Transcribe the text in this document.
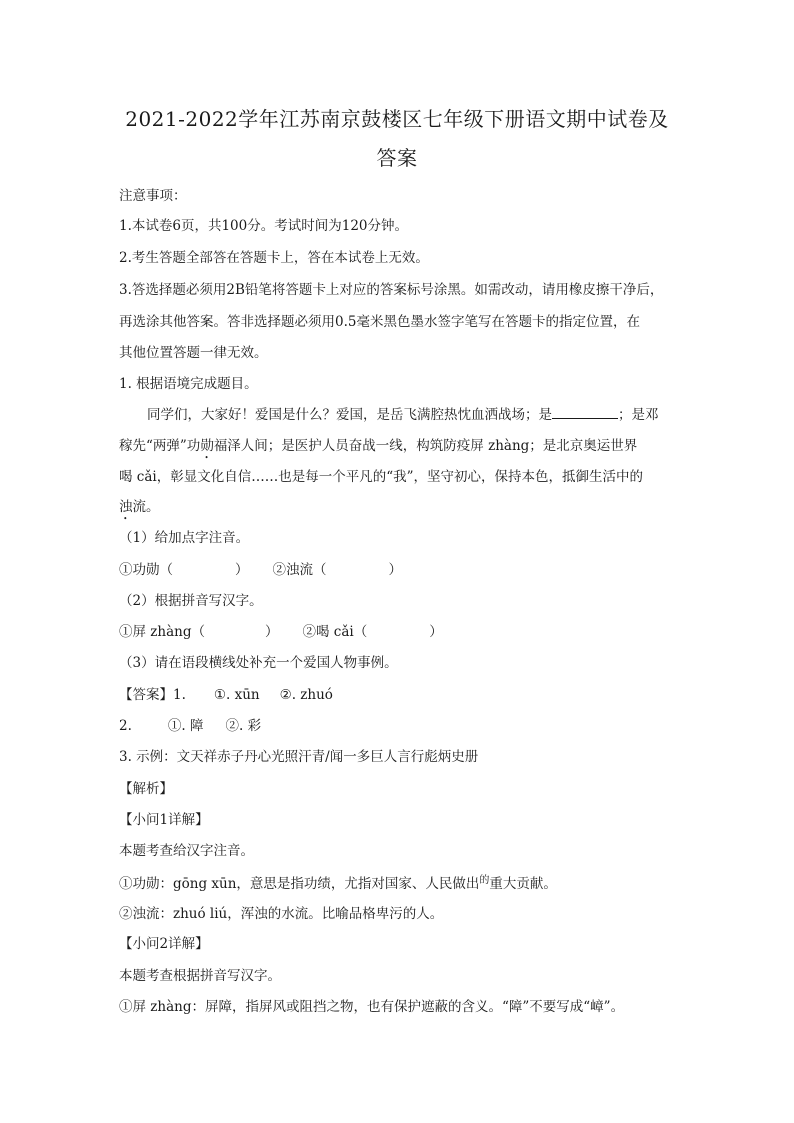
2021-2022学年江苏南京鼓楼区七年级下册语文期中试卷及
答案
注意事项：
1.本试卷6页，共100分。考试时间为120分钟。
2.考生答题全部答在答题卡上，答在本试卷上无效。
3.答选择题必须用2B铅笔将答题卡上对应的答案标号涂黑。如需改动，请用橡皮擦干净后，
再选涂其他答案。答非选择题必须用0.5毫米黑色墨水签字笔写在答题卡的指定位置，在
其他位置答题一律无效。
1. 根据语境完成题目。
同学们，大家好！爱国是什么？爱国，是岳飞满腔热忱血洒战场；是	；是邓
稼先“两弹”功勋福泽人间；是医护人员奋战一线，构筑防疫屏 zhàng；是北京奥运世界
喝 cǎi，彰显文化自信……也是每一个平凡的“我”，坚守初心，保持本色，抵御生活中的
浊流。
（1）给加点字注音。
①功勋（	） ②浊流（	）
（2）根据拼音写汉字。
①屏 zhàng（	） ②喝 cǎi（	）
（3）请在语段横线处补充一个爱国人物事例。
【答案】1. ①. xūn ②. zhuó
2.	①. 障 ②. 彩
3. 示例：文天祥赤子丹心光照汗青/闻一多巨人言行彪炳史册
【解析】
【小问1详解】
本题考查给汉字注音。
①功勋：gōng xūn，意思是指功绩，尤指对国家、人民做出$^的$重大贡献。
②浊流：zhuó liú，浑浊的水流。比喻品格卑污的人。
【小问2详解】
本题考查根据拼音写汉字。
①屏 zhàng：屏障，指屏风或阻挡之物，也有保护遮蔽的含义。“障”不要写成“嶂”。
